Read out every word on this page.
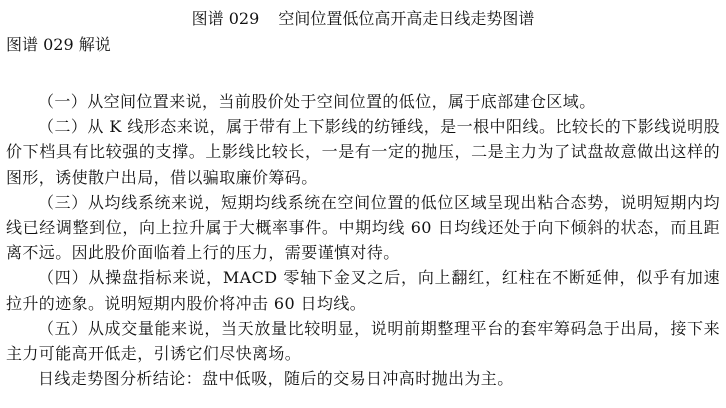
图谱 029 空间位置低位高开高走日线走势图谱
图谱 029 解说

（一）从空间位置来说，当前股价处于空间位置的低位，属于底部建仓区域。

（二）从 K 线形态来说，属于带有上下影线的纺锤线，是一根中阳线。比较长的下影线说明股价下档具有比较强的支撑。上影线比较长，一是有一定的抛压，二是主力为了试盘故意做出这样的图形，诱使散户出局，借以骗取廉价筹码。

（三）从均线系统来说，短期均线系统在空间位置的低位区域呈现出粘合态势，说明短期内均线已经调整到位，向上拉升属于大概率事件。中期均线 60 日均线还处于向下倾斜的状态，而且距离不远。因此股价面临着上行的压力，需要谨慎对待。

（四）从操盘指标来说，MACD 零轴下金叉之后，向上翻红，红柱在不断延伸，似乎有加速拉升的迹象。说明短期内股价将冲击 60 日均线。

（五）从成交量能来说，当天放量比较明显，说明前期整理平台的套牢筹码急于出局，接下来主力可能高开低走，引诱它们尽快离场。

日线走势图分析结论：盘中低吸，随后的交易日冲高时抛出为主。
